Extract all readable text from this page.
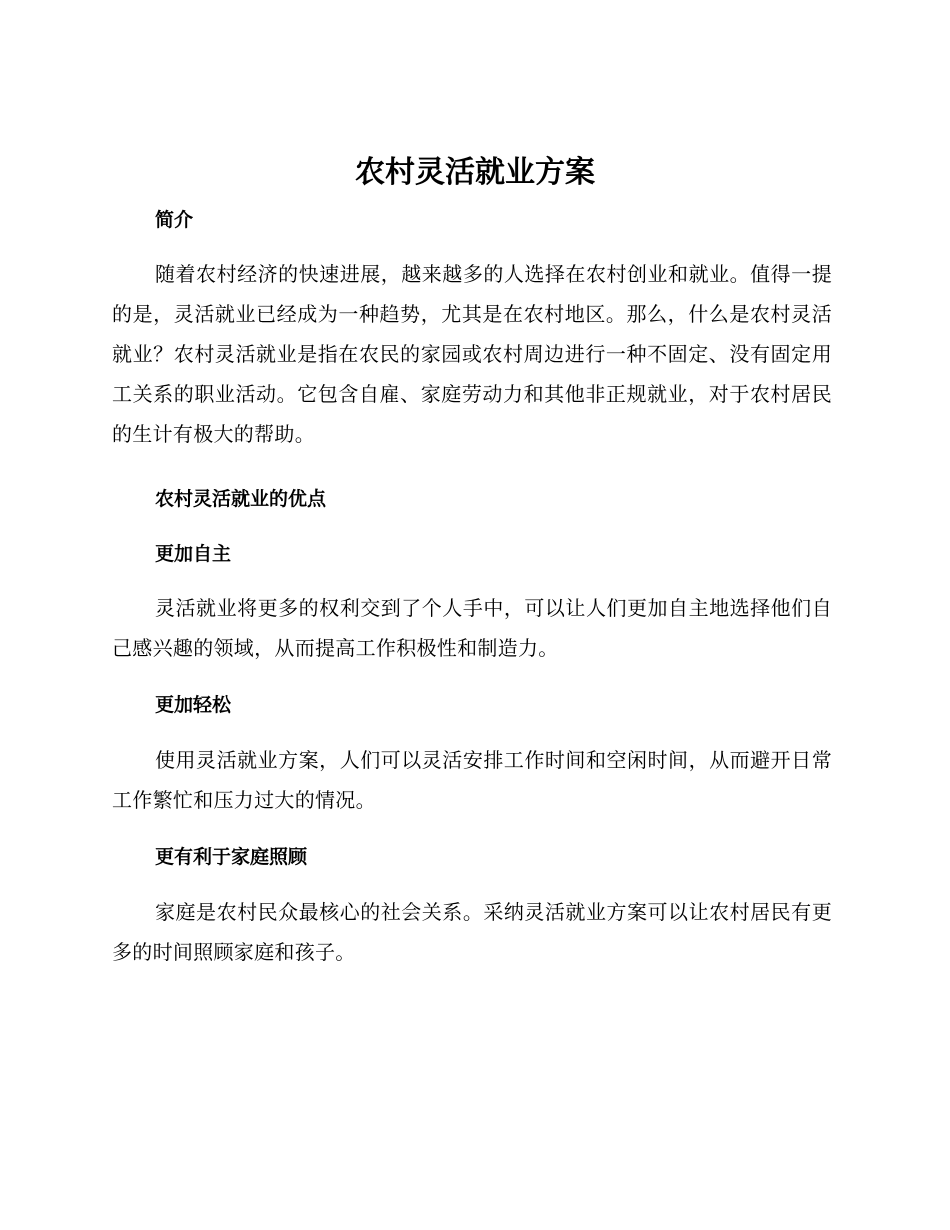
农村灵活就业方案
简介

随着农村经济的快速进展，越来越多的人选择在农村创业和就业。值得一提的是，灵活就业已经成为一种趋势，尤其是在农村地区。那么，什么是农村灵活就业？农村灵活就业是指在农民的家园或农村周边进行一种不固定、没有固定用工关系的职业活动。它包含自雇、家庭劳动力和其他非正规就业，对于农村居民的生计有极大的帮助。

农村灵活就业的优点
更加自主

灵活就业将更多的权利交到了个人手中，可以让人们更加自主地选择他们自己感兴趣的领域，从而提高工作积极性和制造力。

更加轻松

使用灵活就业方案，人们可以灵活安排工作时间和空闲时间，从而避开日常工作繁忙和压力过大的情况。

更有利于家庭照顾

家庭是农村民众最核心的社会关系。采纳灵活就业方案可以让农村居民有更多的时间照顾家庭和孩子。
